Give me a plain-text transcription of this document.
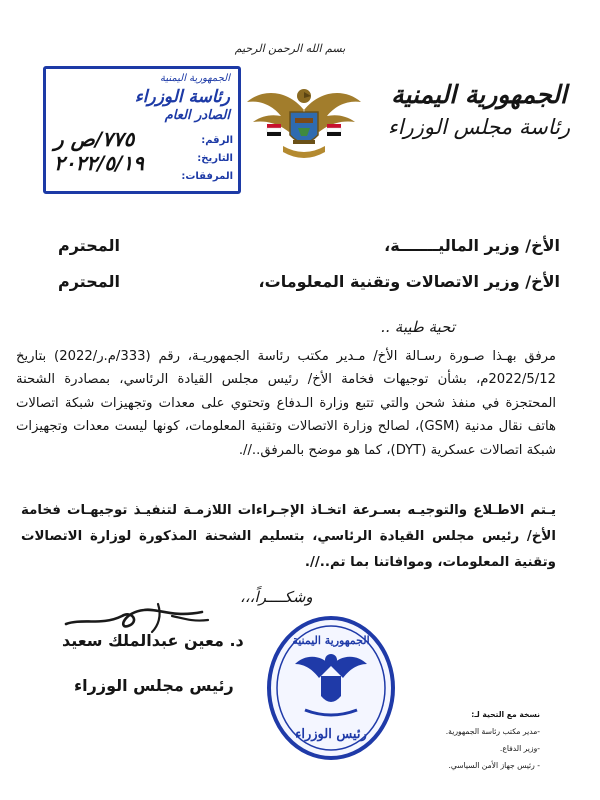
بسم الله الرحمن الرحيم
الجمهورية اليمنية
رئاسة مجلس الوزراء
الجمهورية اليمنية
رئاسة الوزراء
الصادر العام
الرقم:
٧٧٥/ص ر
التاريخ:
٢٠٢٢/٥/١٩
المرفقات:
الأخ/ وزير الماليـــــــة،
المحترم
الأخ/ وزير الاتصالات وتقنية المعلومات،
المحترم
تحية طيبة ..
مرفق بهـذا صـورة رسـالة الأخ/ مـدير مكتب رئاسة الجمهوريـة، رقم (333/م.ر/2022) بتاريخ 2022/5/12م، بشأن توجيهات فخامة الأخ/ رئيس مجلس القيادة الرئاسي، بمصادرة الشحنة المحتجزة في منفذ شحن والتي تتبع وزارة الـدفاع وتحتوي على معدات وتجهيزات شبكة اتصالات هاتف نقال مدنية (GSM)، لصالح وزارة الاتصالات وتقنية المعلومات، كونها ليست معدات وتجهيزات شبكة اتصالات عسكرية (DYT)، كما هو موضح بالمرفق..//.
يـتم الاطـلاع والتوجيـه بسـرعة اتخـاذ الإجـراءات اللازمـة لتنفيـذ توجيهـات فخامة الأخ/ رئيس مجلس القيادة الرئاسي، بتسليم الشحنة المذكورة لوزارة الاتصالات وتقنية المعلومات، وموافاتنا بما تم..//.
وشكــــراً،،،
د. معين عبدالملك سعيد
رئيس مجلس الوزراء
الجمهورية اليمنية
رئيس الوزراء
نسخة مع التحية لـ:
-مدير مكتب رئاسة الجمهورية.
-وزير الدفاع.
- رئيس جهاز الأمن السياسي.
